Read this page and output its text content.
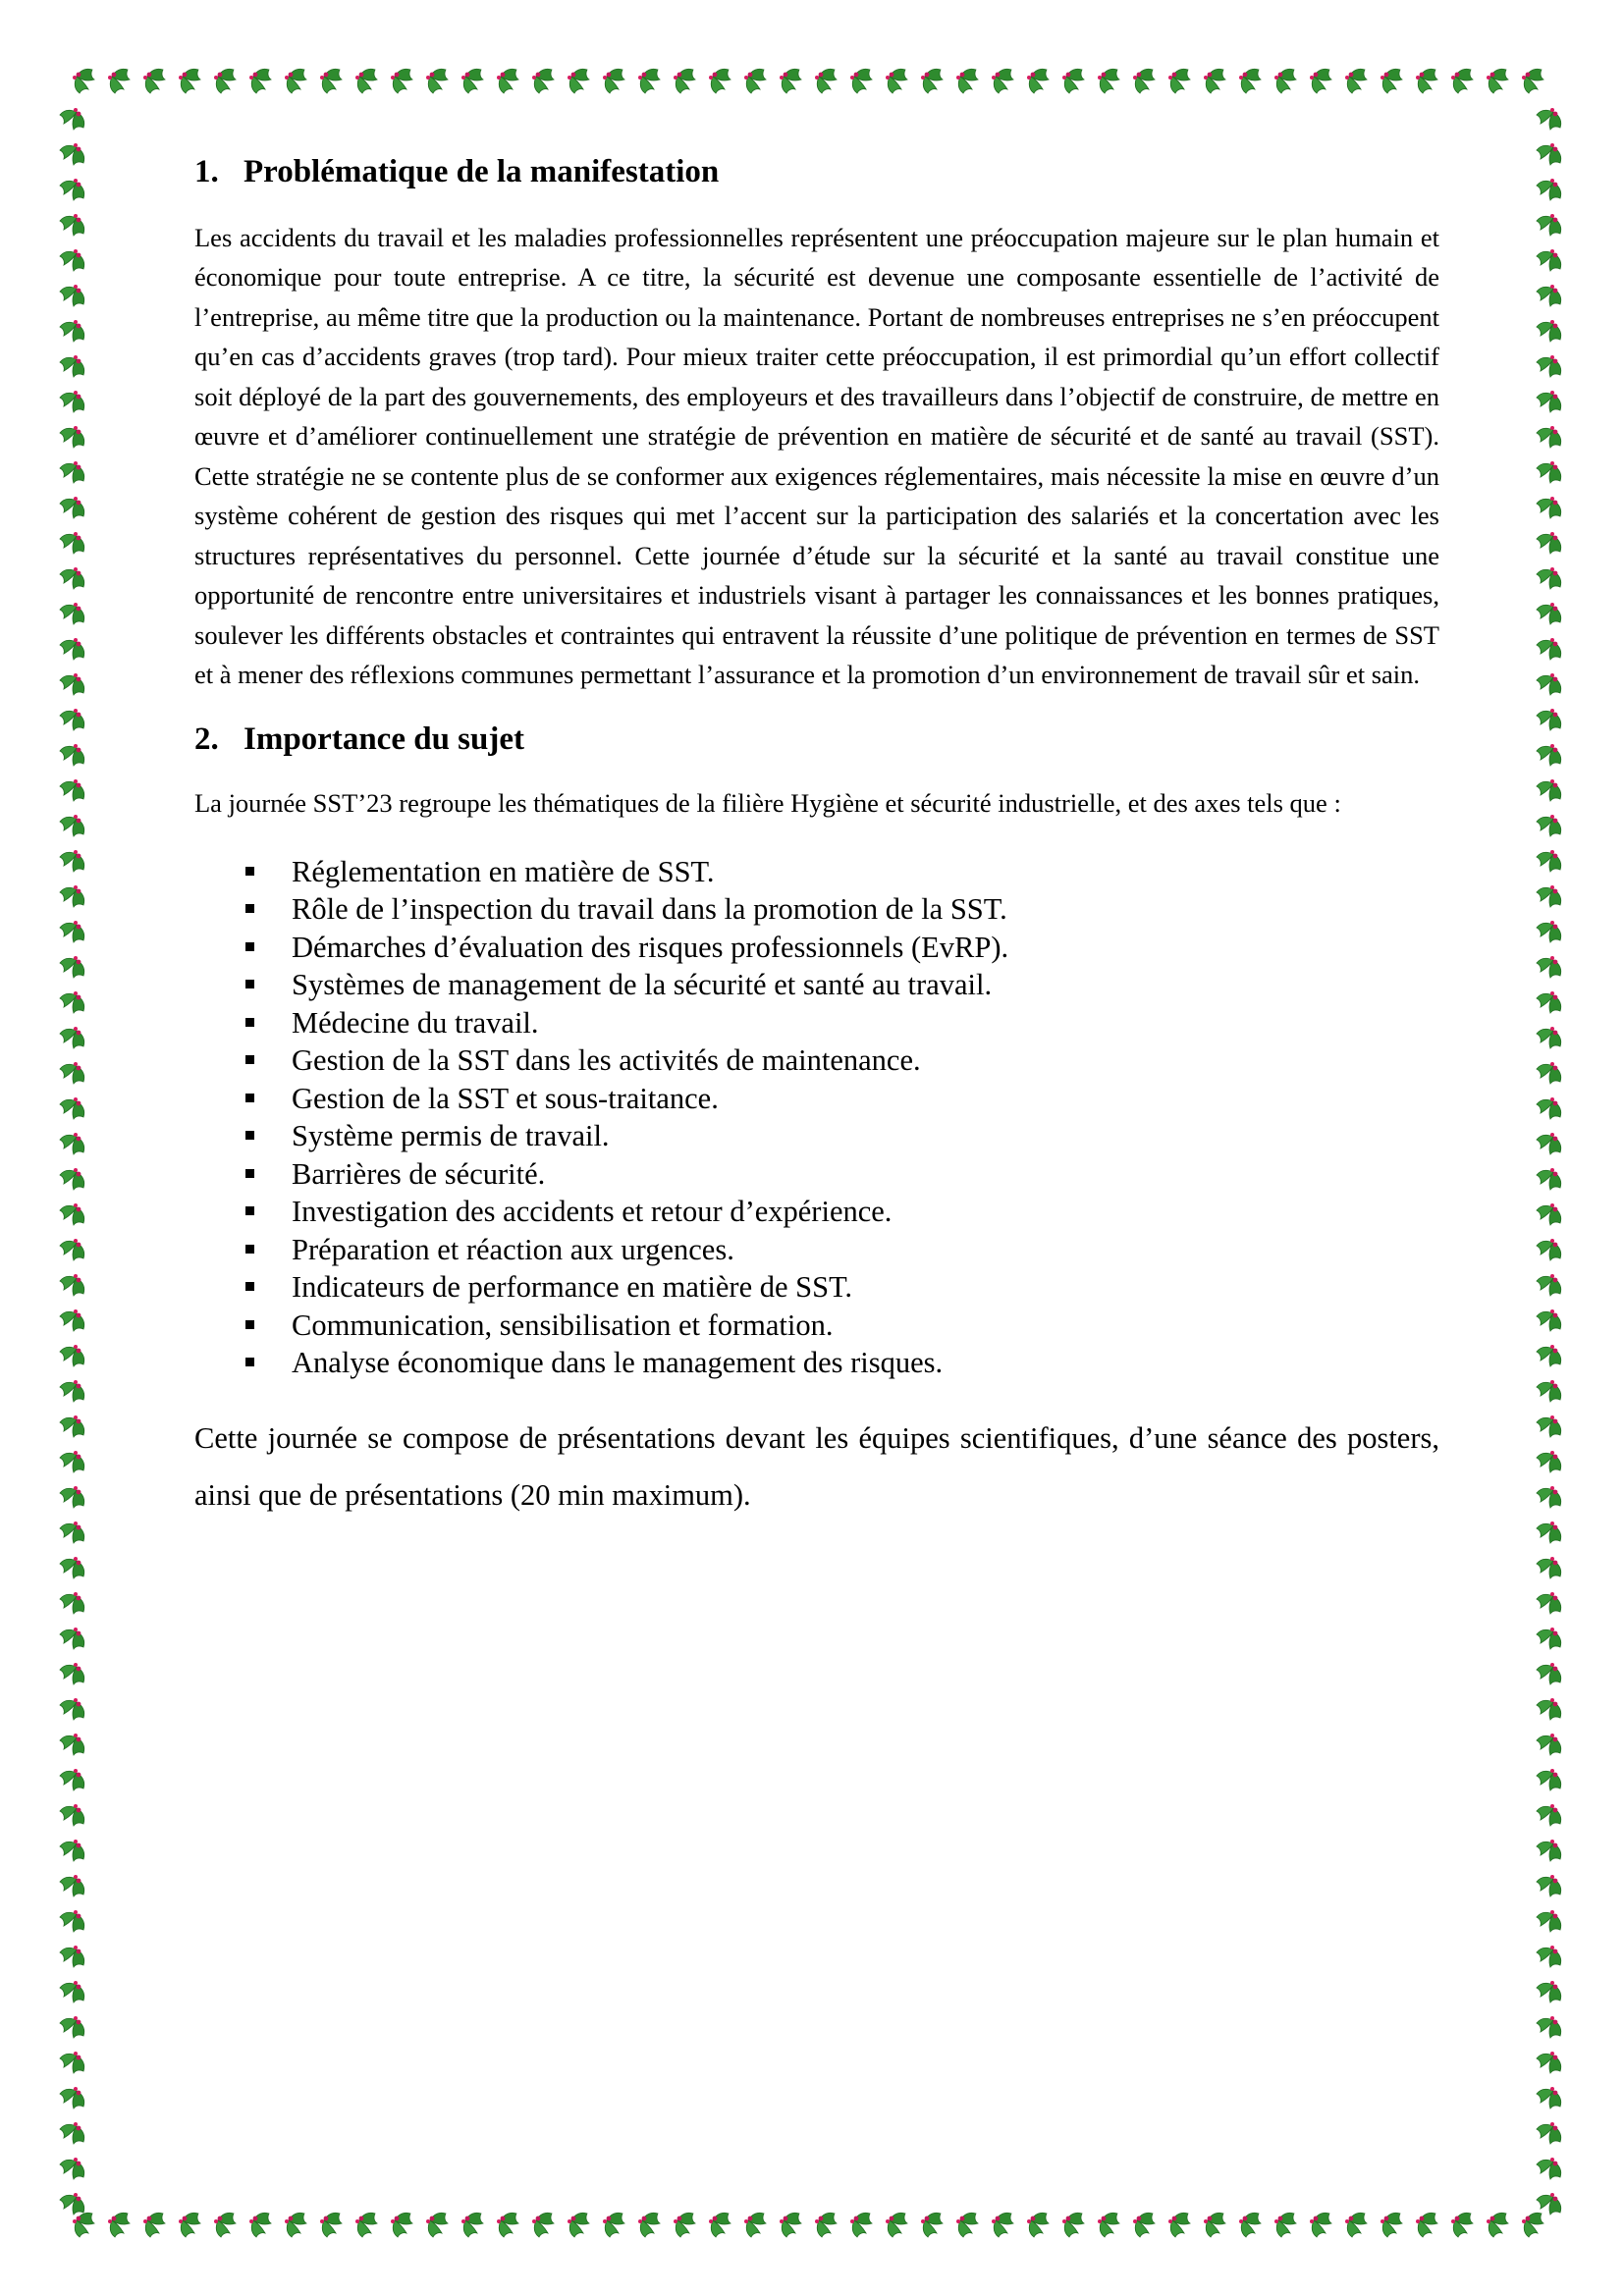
1. Problématique de la manifestation

Les accidents du travail et les maladies professionnelles représentent une préoccupation majeure sur le plan humain et économique pour toute entreprise. A ce titre, la sécurité est devenue une composante essentielle de l’activité de l’entreprise, au même titre que la production ou la maintenance. Portant de nombreuses entreprises ne s’en préoccupent qu’en cas d’accidents graves (trop tard). Pour mieux traiter cette préoccupation, il est primordial qu’un effort collectif soit déployé de la part des gouvernements, des employeurs et des travailleurs dans l’objectif de construire, de mettre en œuvre et d’améliorer continuellement une stratégie de prévention en matière de sécurité et de santé au travail (SST). Cette stratégie ne se contente plus de se conformer aux exigences réglementaires, mais nécessite la mise en œuvre d’un système cohérent de gestion des risques qui met l’accent sur la participation des salariés et la concertation avec les structures représentatives du personnel. Cette journée d’étude sur la sécurité et la santé au travail constitue une opportunité de rencontre entre universitaires et industriels visant à partager les connaissances et les bonnes pratiques, soulever les différents obstacles et contraintes qui entravent la réussite d’une politique de prévention en termes de SST et à mener des réflexions communes permettant l’assurance et la promotion d’un environnement de travail sûr et sain.

2. Importance du sujet

La journée SST’23 regroupe les thématiques de la filière Hygiène et sécurité industrielle, et des axes tels que :

Réglementation en matière de SST.
Rôle de l’inspection du travail dans la promotion de la SST.
Démarches d’évaluation des risques professionnels (EvRP).
Systèmes de management de la sécurité et santé au travail.
Médecine du travail.
Gestion de la SST dans les activités de maintenance.
Gestion de la SST et sous-traitance.
Système permis de travail.
Barrières de sécurité.
Investigation des accidents et retour d’expérience.
Préparation et réaction aux urgences.
Indicateurs de performance en matière de SST.
Communication, sensibilisation et formation.
Analyse économique dans le management des risques.

Cette journée se compose de présentations devant les équipes scientifiques, d’une séance des posters, ainsi que de présentations (20 min maximum).
